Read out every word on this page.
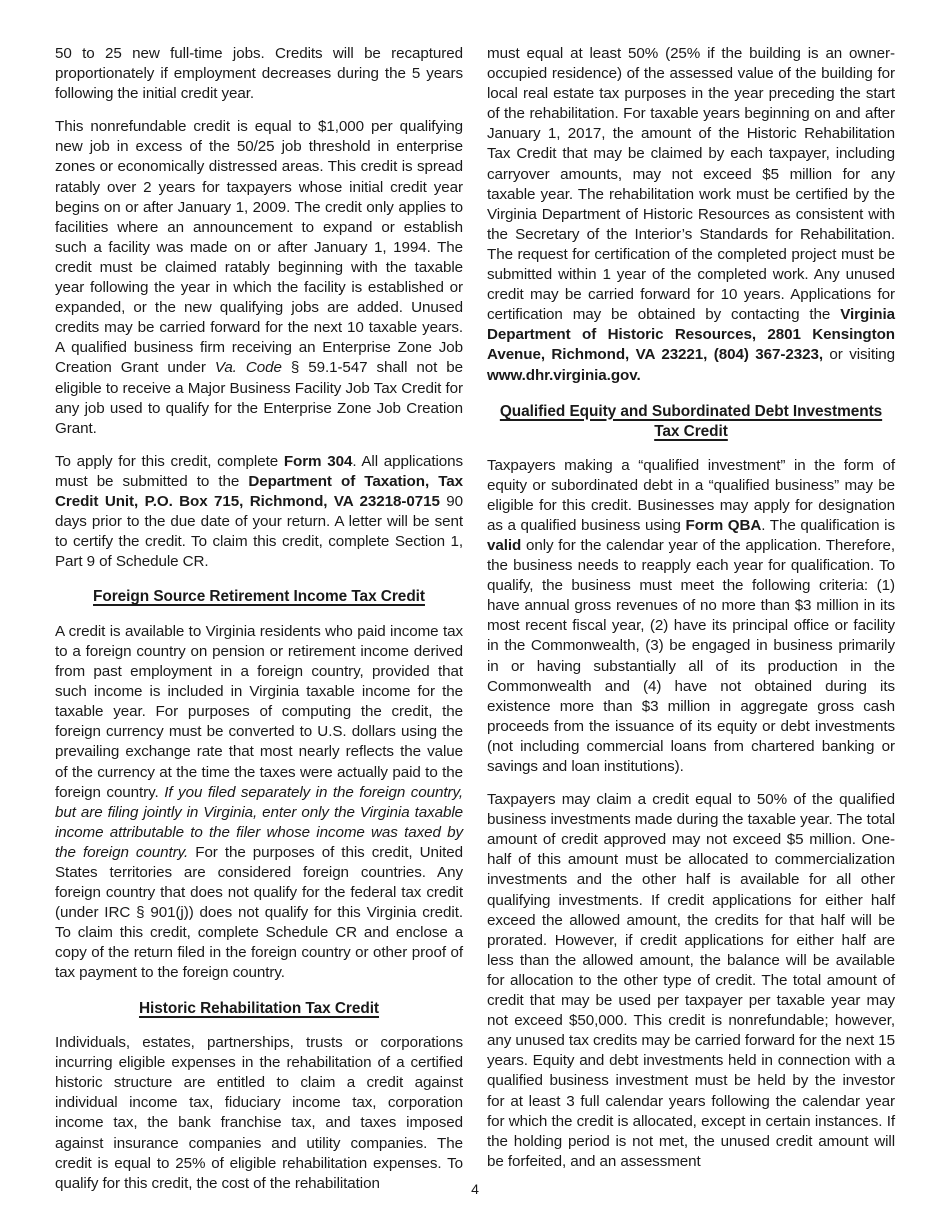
50 to 25 new full-time jobs. Credits will be recaptured proportionately if employment decreases during the 5 years following the initial credit year.

This nonrefundable credit is equal to $1,000 per qualifying new job in excess of the 50/25 job threshold in enterprise zones or economically distressed areas. This credit is spread ratably over 2 years for taxpayers whose initial credit year begins on or after January 1, 2009. The credit only applies to facilities where an announcement to expand or establish such a facility was made on or after January 1, 1994. The credit must be claimed ratably beginning with the taxable year following the year in which the facility is established or expanded, or the new qualifying jobs are added. Unused credits may be carried forward for the next 10 taxable years. A qualified business firm receiving an Enterprise Zone Job Creation Grant under Va. Code § 59.1-547 shall not be eligible to receive a Major Business Facility Job Tax Credit for any job used to qualify for the Enterprise Zone Job Creation Grant.

To apply for this credit, complete Form 304. All applications must be submitted to the Department of Taxation, Tax Credit Unit, P.O. Box 715, Richmond, VA 23218-0715 90 days prior to the due date of your return. A letter will be sent to certify the credit. To claim this credit, complete Section 1, Part 9 of Schedule CR.

Foreign Source Retirement Income Tax Credit

A credit is available to Virginia residents who paid income tax to a foreign country on pension or retirement income derived from past employment in a foreign country, provided that such income is included in Virginia taxable income for the taxable year. For purposes of computing the credit, the foreign currency must be converted to U.S. dollars using the prevailing exchange rate that most nearly reflects the value of the currency at the time the taxes were actually paid to the foreign country. If you filed separately in the foreign country, but are filing jointly in Virginia, enter only the Virginia taxable income attributable to the filer whose income was taxed by the foreign country. For the purposes of this credit, United States territories are considered foreign countries. Any foreign country that does not qualify for the federal tax credit (under IRC § 901(j)) does not qualify for this Virginia credit. To claim this credit, complete Schedule CR and enclose a copy of the return filed in the foreign country or other proof of tax payment to the foreign country.

Historic Rehabilitation Tax Credit

Individuals, estates, partnerships, trusts or corporations incurring eligible expenses in the rehabilitation of a certified historic structure are entitled to claim a credit against individual income tax, fiduciary income tax, corporation income tax, the bank franchise tax, and taxes imposed against insurance companies and utility companies. The credit is equal to 25% of eligible rehabilitation expenses. To qualify for this credit, the cost of the rehabilitation

must equal at least 50% (25% if the building is an owner-occupied residence) of the assessed value of the building for local real estate tax purposes in the year preceding the start of the rehabilitation. For taxable years beginning on and after January 1, 2017, the amount of the Historic Rehabilitation Tax Credit that may be claimed by each taxpayer, including carryover amounts, may not exceed $5 million for any taxable year. The rehabilitation work must be certified by the Virginia Department of Historic Resources as consistent with the Secretary of the Interior’s Standards for Rehabilitation. The request for certification of the completed project must be submitted within 1 year of the completed work. Any unused credit may be carried forward for 10 years. Applications for certification may be obtained by contacting the Virginia Department of Historic Resources, 2801 Kensington Avenue, Richmond, VA 23221, (804) 367-2323, or visiting www.dhr.virginia.gov.

Qualified Equity and Subordinated Debt Investments
Tax Credit

Taxpayers making a “qualified investment” in the form of equity or subordinated debt in a “qualified business” may be eligible for this credit. Businesses may apply for designation as a qualified business using Form QBA. The qualification is valid only for the calendar year of the application. Therefore, the business needs to reapply each year for qualification. To qualify, the business must meet the following criteria: (1) have annual gross revenues of no more than $3 million in its most recent fiscal year, (2) have its principal office or facility in the Commonwealth, (3) be engaged in business primarily in or having substantially all of its production in the Commonwealth and (4) have not obtained during its existence more than $3 million in aggregate gross cash proceeds from the issuance of its equity or debt investments (not including commercial loans from chartered banking or savings and loan institutions).

Taxpayers may claim a credit equal to 50% of the qualified business investments made during the taxable year. The total amount of credit approved may not exceed $5 million. One-half of this amount must be allocated to commercialization investments and the other half is available for all other qualifying investments. If credit applications for either half exceed the allowed amount, the credits for that half will be prorated. However, if credit applications for either half are less than the allowed amount, the balance will be available for allocation to the other type of credit. The total amount of credit that may be used per taxpayer per taxable year may not exceed $50,000. This credit is nonrefundable; however, any unused tax credits may be carried forward for the next 15 years. Equity and debt investments held in connection with a qualified business investment must be held by the investor for at least 3 full calendar years following the calendar year for which the credit is allocated, except in certain instances. If the holding period is not met, the unused credit amount will be forfeited, and an assessment

4
